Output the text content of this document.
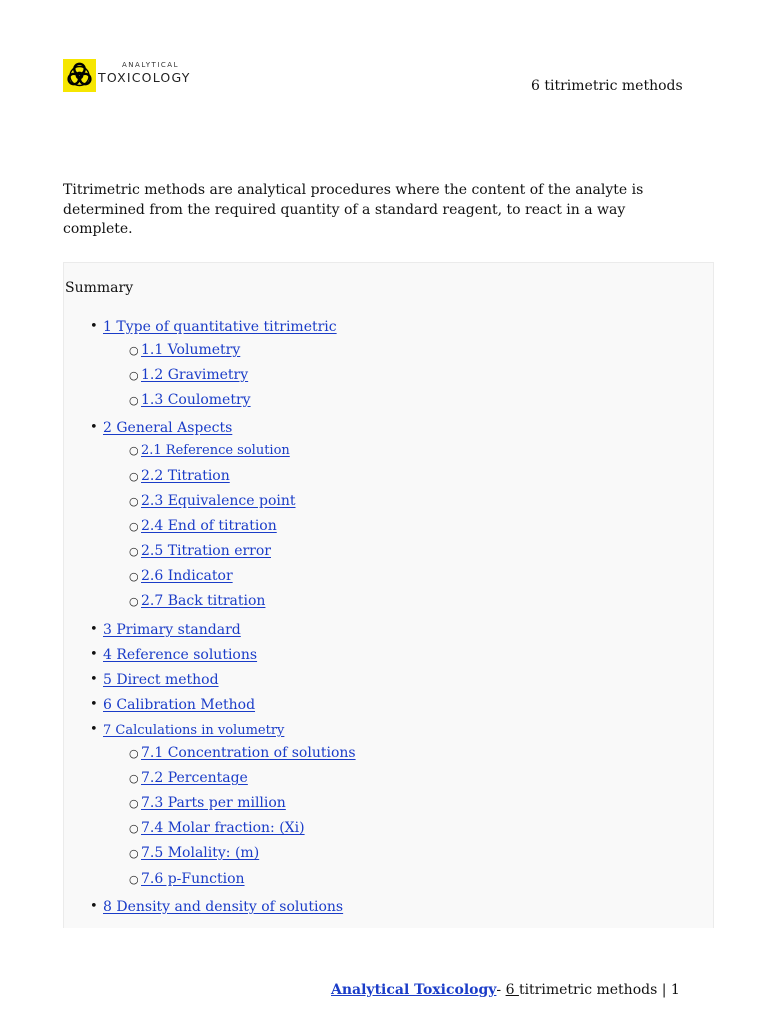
ANALYTICAL
TOXICOLOGY
6 titrimetric methods

Titrimetric methods are analytical procedures where the content of the analyte is determined from the required quantity of a standard reagent, to react in a way complete.

Summary
• 1 Type of quantitative titrimetric
○ 1.1 Volumetry
○ 1.2 Gravimetry
○ 1.3 Coulometry
• 2 General Aspects
○ 2.1 Reference solution
○ 2.2 Titration
○ 2.3 Equivalence point
○ 2.4 End of titration
○ 2.5 Titration error
○ 2.6 Indicator
○ 2.7 Back titration
• 3 Primary standard
• 4 Reference solutions
• 5 Direct method
• 6 Calibration Method
• 7 Calculations in volumetry
○ 7.1 Concentration of solutions
○ 7.2 Percentage
○ 7.3 Parts per million
○ 7.4 Molar fraction: (Xi)
○ 7.5 Molality: (m)
○ 7.6 p-Function
• 8 Density and density of solutions
Analytical Toxicology- 6 titrimetric methods | 1
